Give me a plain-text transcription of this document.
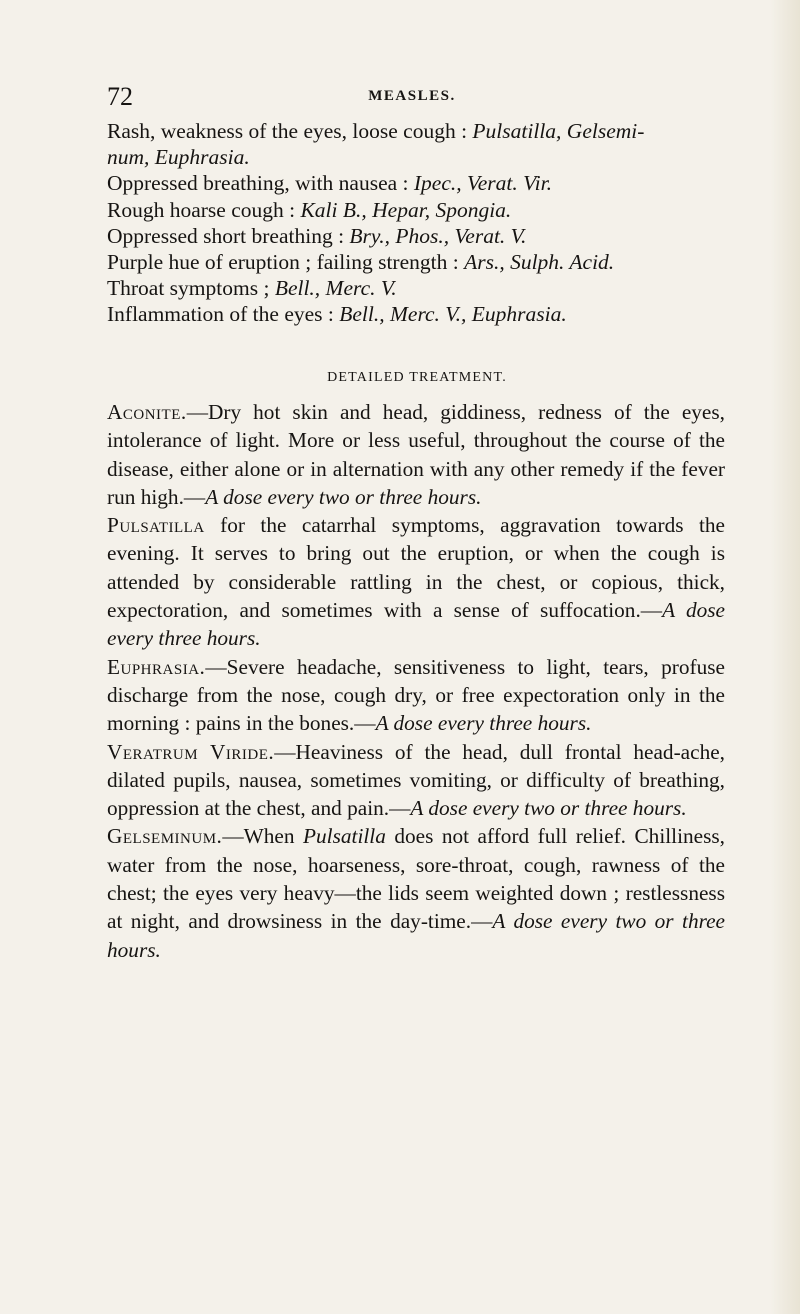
72	MEASLES.
Rash, weakness of the eyes, loose cough : Pulsatilla, Gelsemi-
num, Euphrasia.
Oppressed breathing, with nausea : Ipec., Verat. Vir.
Rough hoarse cough : Kali B., Hepar, Spongia.
Oppressed short breathing : Bry., Phos., Verat. V.
Purple hue of eruption ; failing strength : Ars., Sulph. Acid.
Throat symptoms ; Bell., Merc. V.
Inflammation of the eyes : Bell., Merc. V., Euphrasia.
DETAILED TREATMENT.

Aconite.—Dry hot skin and head, giddiness, redness of the eyes, intolerance of light. More or less useful, throughout the course of the disease, either alone or in alternation with any other remedy if the fever run high.—A dose every two or three hours.

Pulsatilla for the catarrhal symptoms, aggravation towards the evening. It serves to bring out the eruption, or when the cough is attended by considerable rattling in the chest, or copious, thick, expectoration, and sometimes with a sense of suffocation.—A dose every three hours.

Euphrasia.—Severe headache, sensitiveness to light, tears, profuse discharge from the nose, cough dry, or free expectoration only in the morning : pains in the bones.—A dose every three hours.

Veratrum Viride.—Heaviness of the head, dull frontal head-ache, dilated pupils, nausea, sometimes vomiting, or difficulty of breathing, oppression at the chest, and pain.—A dose every two or three hours.

Gelseminum.—When Pulsatilla does not afford full relief. Chilliness, water from the nose, hoarseness, sore-throat, cough, rawness of the chest; the eyes very heavy—the lids seem weighted down ; restlessness at night, and drowsiness in the day-time.—A dose every two or three hours.
